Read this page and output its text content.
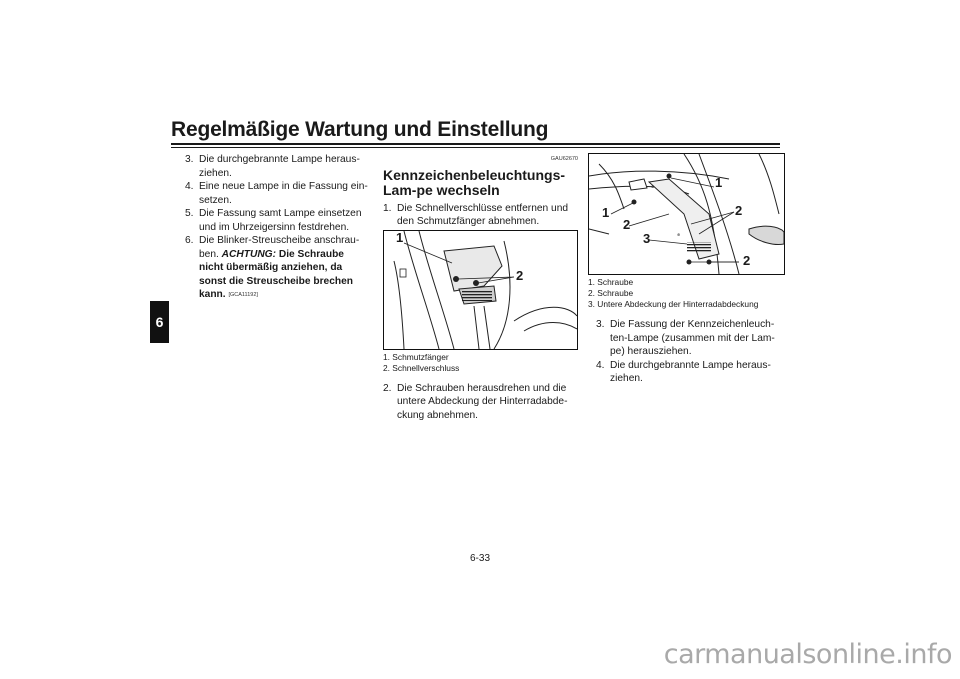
Regelmäßige Wartung und Einstellung
6
3. Die durchgebrannte Lampe heraus-ziehen.
4. Eine neue Lampe in die Fassung ein-setzen.
5. Die Fassung samt Lampe einsetzen und im Uhrzeigersinn festdrehen.
6. Die Blinker-Streuscheibe anschrau-ben. ACHTUNG: Die Schraube nicht übermäßig anziehen, da sonst die Streuscheibe brechen kann. [GCA11192]
GAU62670
Kennzeichenbeleuchtungs-Lam-pe wechseln
1. Die Schnellverschlüsse entfernen und den Schmutzfänger abnehmen.
1
2
1. Schmutzfänger
2. Schnellverschluss
2. Die Schrauben herausdrehen und die untere Abdeckung der Hinterradabde-ckung abnehmen.
⊕
⊕
1
1	2
2
3
2
1. Schraube
2. Schraube
3. Untere Abdeckung der Hinterradabdeckung
3. Die Fassung der Kennzeichenleuch-ten-Lampe (zusammen mit der Lam-pe) herausziehen.
4. Die durchgebrannte Lampe heraus-ziehen.
6-33
carmanualsonline.info
